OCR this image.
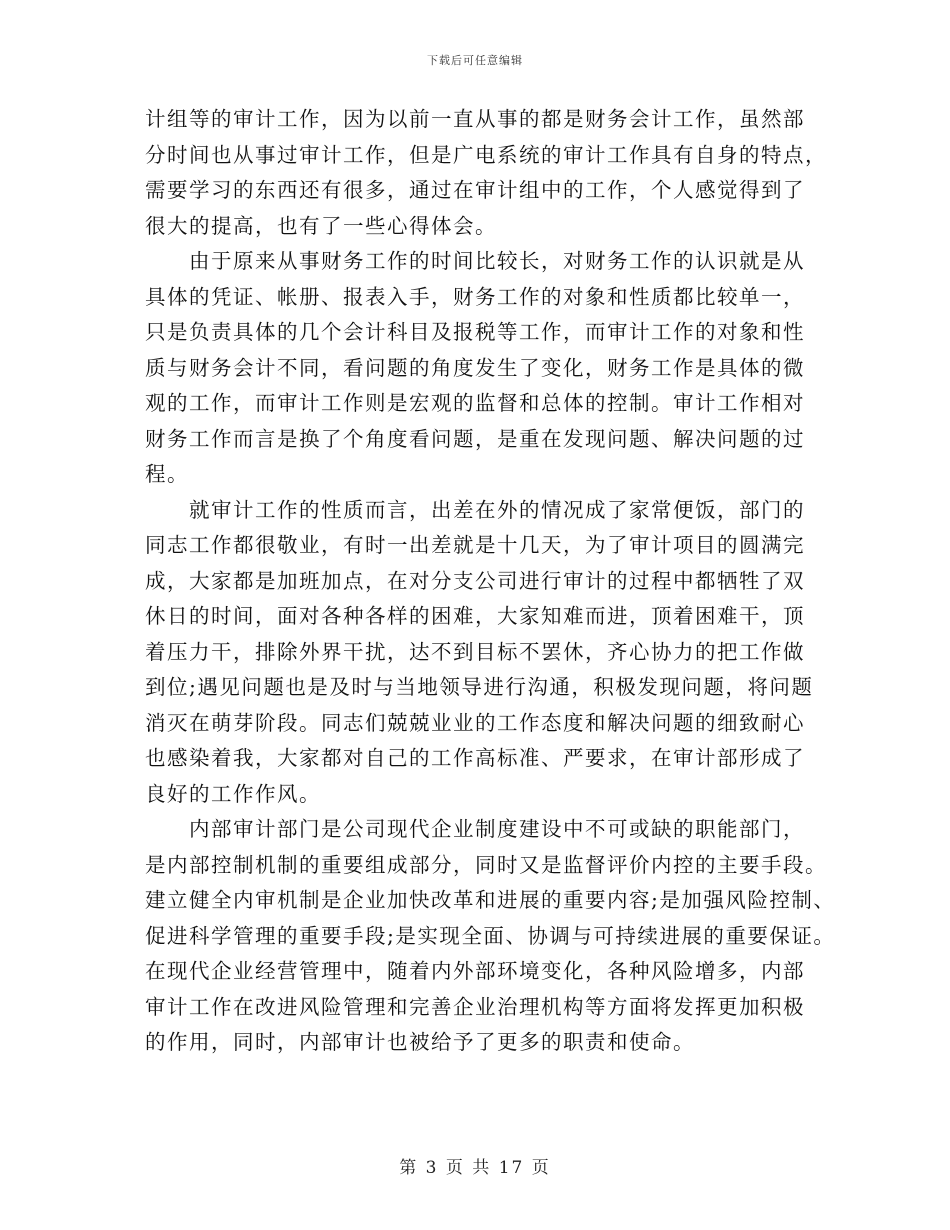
下载后可任意编辑
计组等的审计工作，因为以前一直从事的都是财务会计工作，虽然部
分时间也从事过审计工作，但是广电系统的审计工作具有自身的特点，
需要学习的东西还有很多，通过在审计组中的工作，个人感觉得到了
很大的提高，也有了一些心得体会。
　　由于原来从事财务工作的时间比较长，对财务工作的认识就是从
具体的凭证、帐册、报表入手，财务工作的对象和性质都比较单一，
只是负责具体的几个会计科目及报税等工作，而审计工作的对象和性
质与财务会计不同，看问题的角度发生了变化，财务工作是具体的微
观的工作，而审计工作则是宏观的监督和总体的控制。审计工作相对
财务工作而言是换了个角度看问题，是重在发现问题、解决问题的过
程。
　　就审计工作的性质而言，出差在外的情况成了家常便饭，部门的
同志工作都很敬业，有时一出差就是十几天，为了审计项目的圆满完
成，大家都是加班加点，在对分支公司进行审计的过程中都牺牲了双
休日的时间，面对各种各样的困难，大家知难而进，顶着困难干，顶
着压力干，排除外界干扰，达不到目标不罢休，齐心协力的把工作做
到位;遇见问题也是及时与当地领导进行沟通，积极发现问题，将问题
消灭在萌芽阶段。同志们兢兢业业的工作态度和解决问题的细致耐心
也感染着我，大家都对自己的工作高标准、严要求，在审计部形成了
良好的工作作风。
　　内部审计部门是公司现代企业制度建设中不可或缺的职能部门，
是内部控制机制的重要组成部分，同时又是监督评价内控的主要手段。
建立健全内审机制是企业加快改革和进展的重要内容;是加强风险控制、
促进科学管理的重要手段;是实现全面、协调与可持续进展的重要保证。
在现代企业经营管理中，随着内外部环境变化，各种风险增多，内部
审计工作在改进风险管理和完善企业治理机构等方面将发挥更加积极
的作用，同时，内部审计也被给予了更多的职责和使命。
第 3 页 共 17 页
